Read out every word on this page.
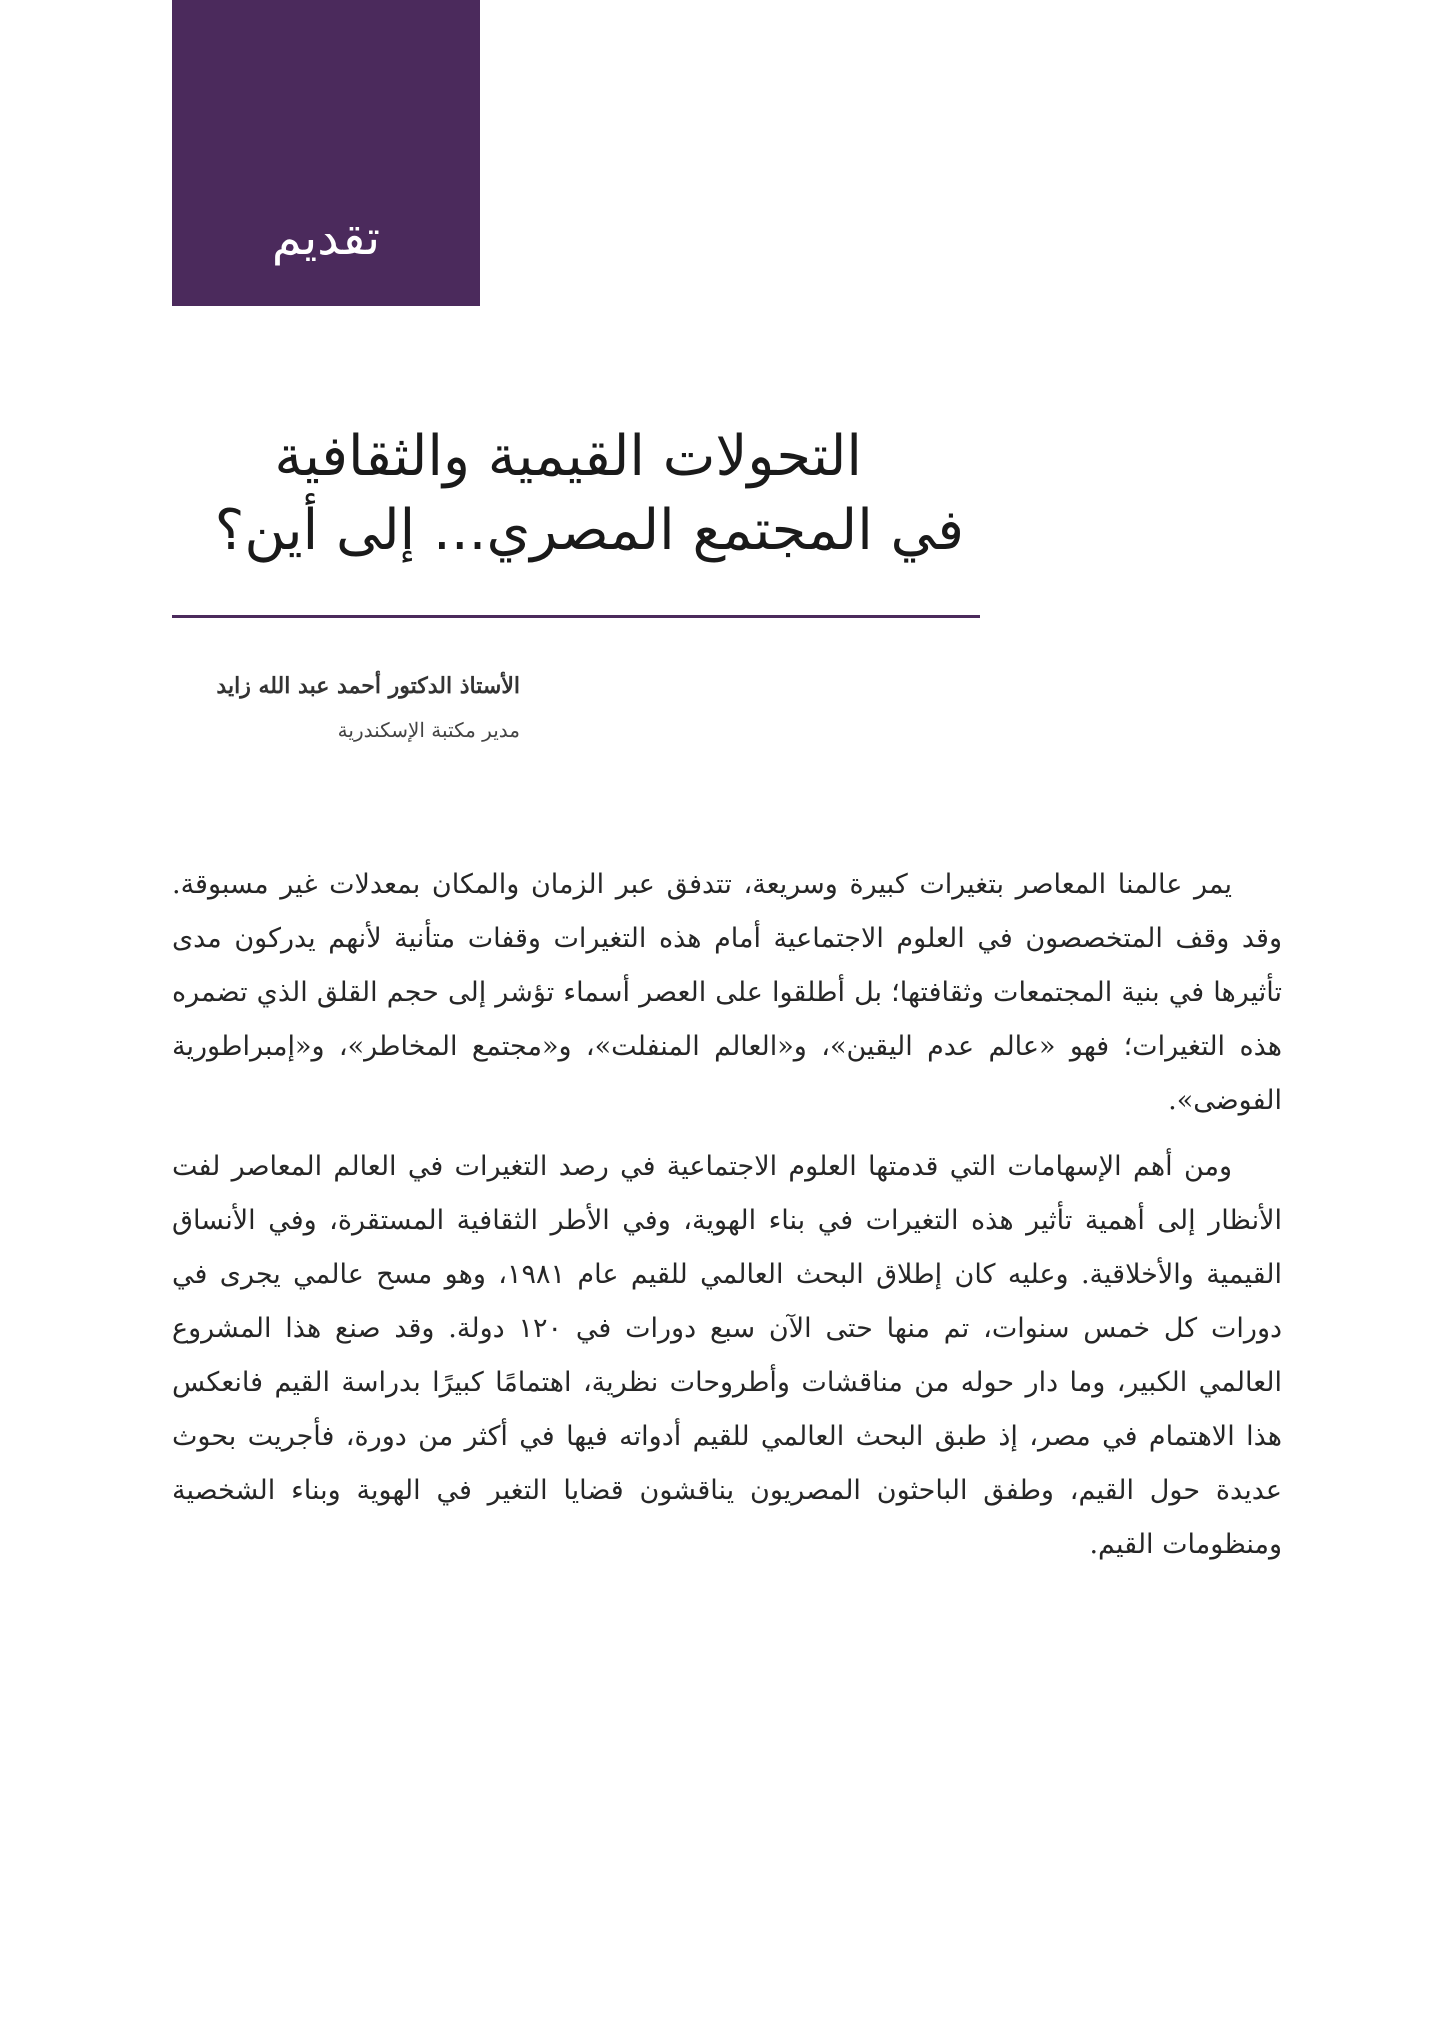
تقديم
التحولات القيمية والثقافية
في المجتمع المصري... إلى أين؟
الأستاذ الدكتور أحمد عبد الله زايد
مدير مكتبة الإسكندرية

يمر عالمنا المعاصر بتغيرات كبيرة وسريعة، تتدفق عبر الزمان والمكان بمعدلات غير مسبوقة. وقد وقف المتخصصون في العلوم الاجتماعية أمام هذه التغيرات وقفات متأنية لأنهم يدركون مدى تأثيرها في بنية المجتمعات وثقافتها؛ بل أطلقوا على العصر أسماء تؤشر إلى حجم القلق الذي تضمره هذه التغيرات؛ فهو «عالم عدم اليقين»، و«العالم المنفلت»، و«مجتمع المخاطر»، و«إمبراطورية الفوضى».

ومن أهم الإسهامات التي قدمتها العلوم الاجتماعية في رصد التغيرات في العالم المعاصر لفت الأنظار إلى أهمية تأثير هذه التغيرات في بناء الهوية، وفي الأطر الثقافية المستقرة، وفي الأنساق القيمية والأخلاقية. وعليه كان إطلاق البحث العالمي للقيم عام ١٩٨١، وهو مسح عالمي يجرى في دورات كل خمس سنوات، تم منها حتى الآن سبع دورات في ١٢٠ دولة. وقد صنع هذا المشروع العالمي الكبير، وما دار حوله من مناقشات وأطروحات نظرية، اهتمامًا كبيرًا بدراسة القيم فانعكس هذا الاهتمام في مصر، إذ طبق البحث العالمي للقيم أدواته فيها في أكثر من دورة، فأجريت بحوث عديدة حول القيم، وطفق الباحثون المصريون يناقشون قضايا التغير في الهوية وبناء الشخصية ومنظومات القيم.
